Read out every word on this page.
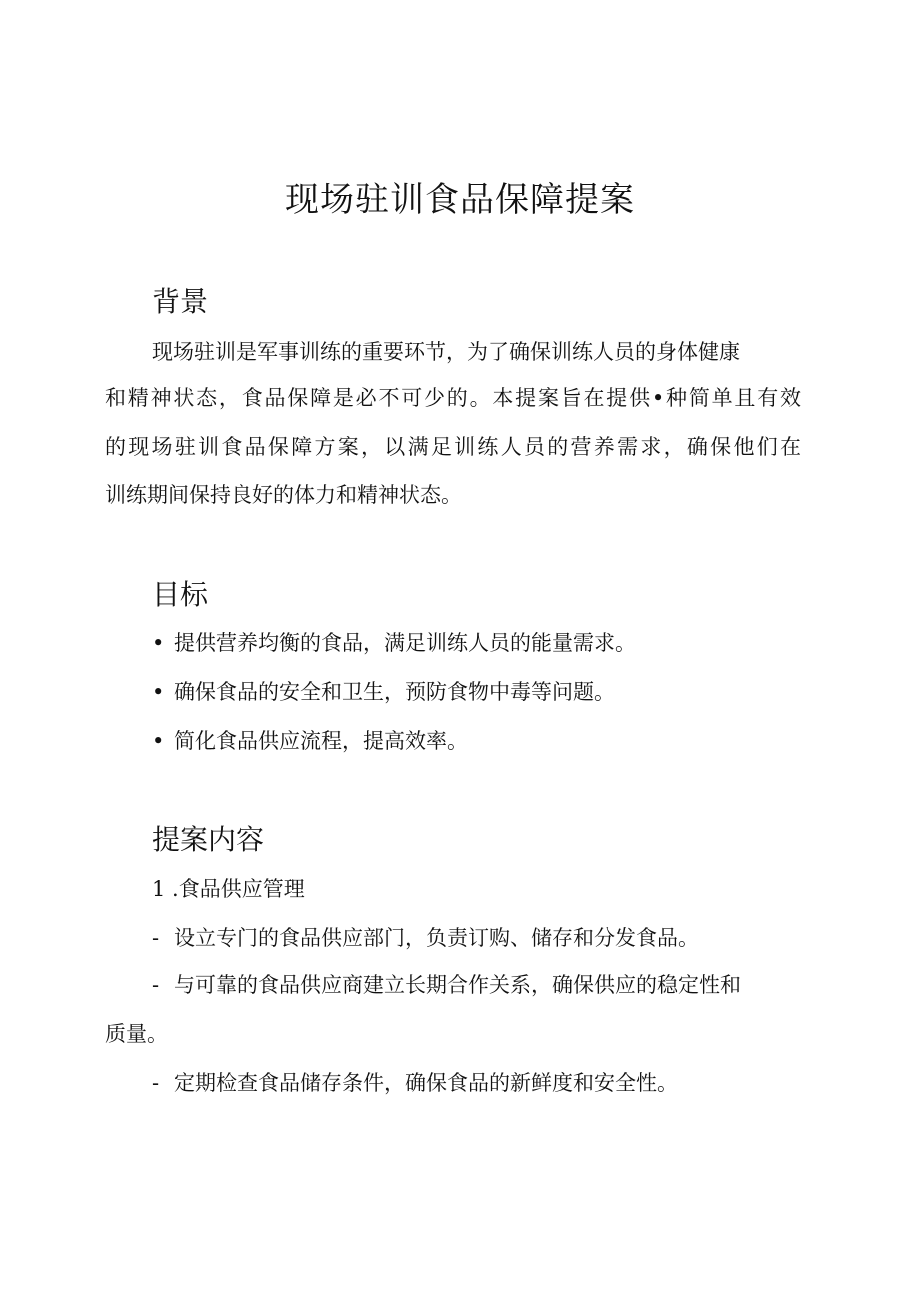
现场驻训食品保障提案
背景
现场驻训是军事训练的重要环节，为了确保训练人员的身体健康
和精神状态，食品保障是必不可少的。本提案旨在提供•种简单且有效
的现场驻训食品保障方案，以满足训练人员的营养需求，确保他们在
训练期间保持良好的体力和精神状态。
目标
• 提供营养均衡的食品，满足训练人员的能量需求。
• 确保食品的安全和卫生，预防食物中毒等问题。
• 简化食品供应流程，提高效率。
提案内容
1 .食品供应管理
- 设立专门的食品供应部门，负责订购、储存和分发食品。
- 与可靠的食品供应商建立长期合作关系，确保供应的稳定性和
质量。
- 定期检查食品储存条件，确保食品的新鲜度和安全性。
